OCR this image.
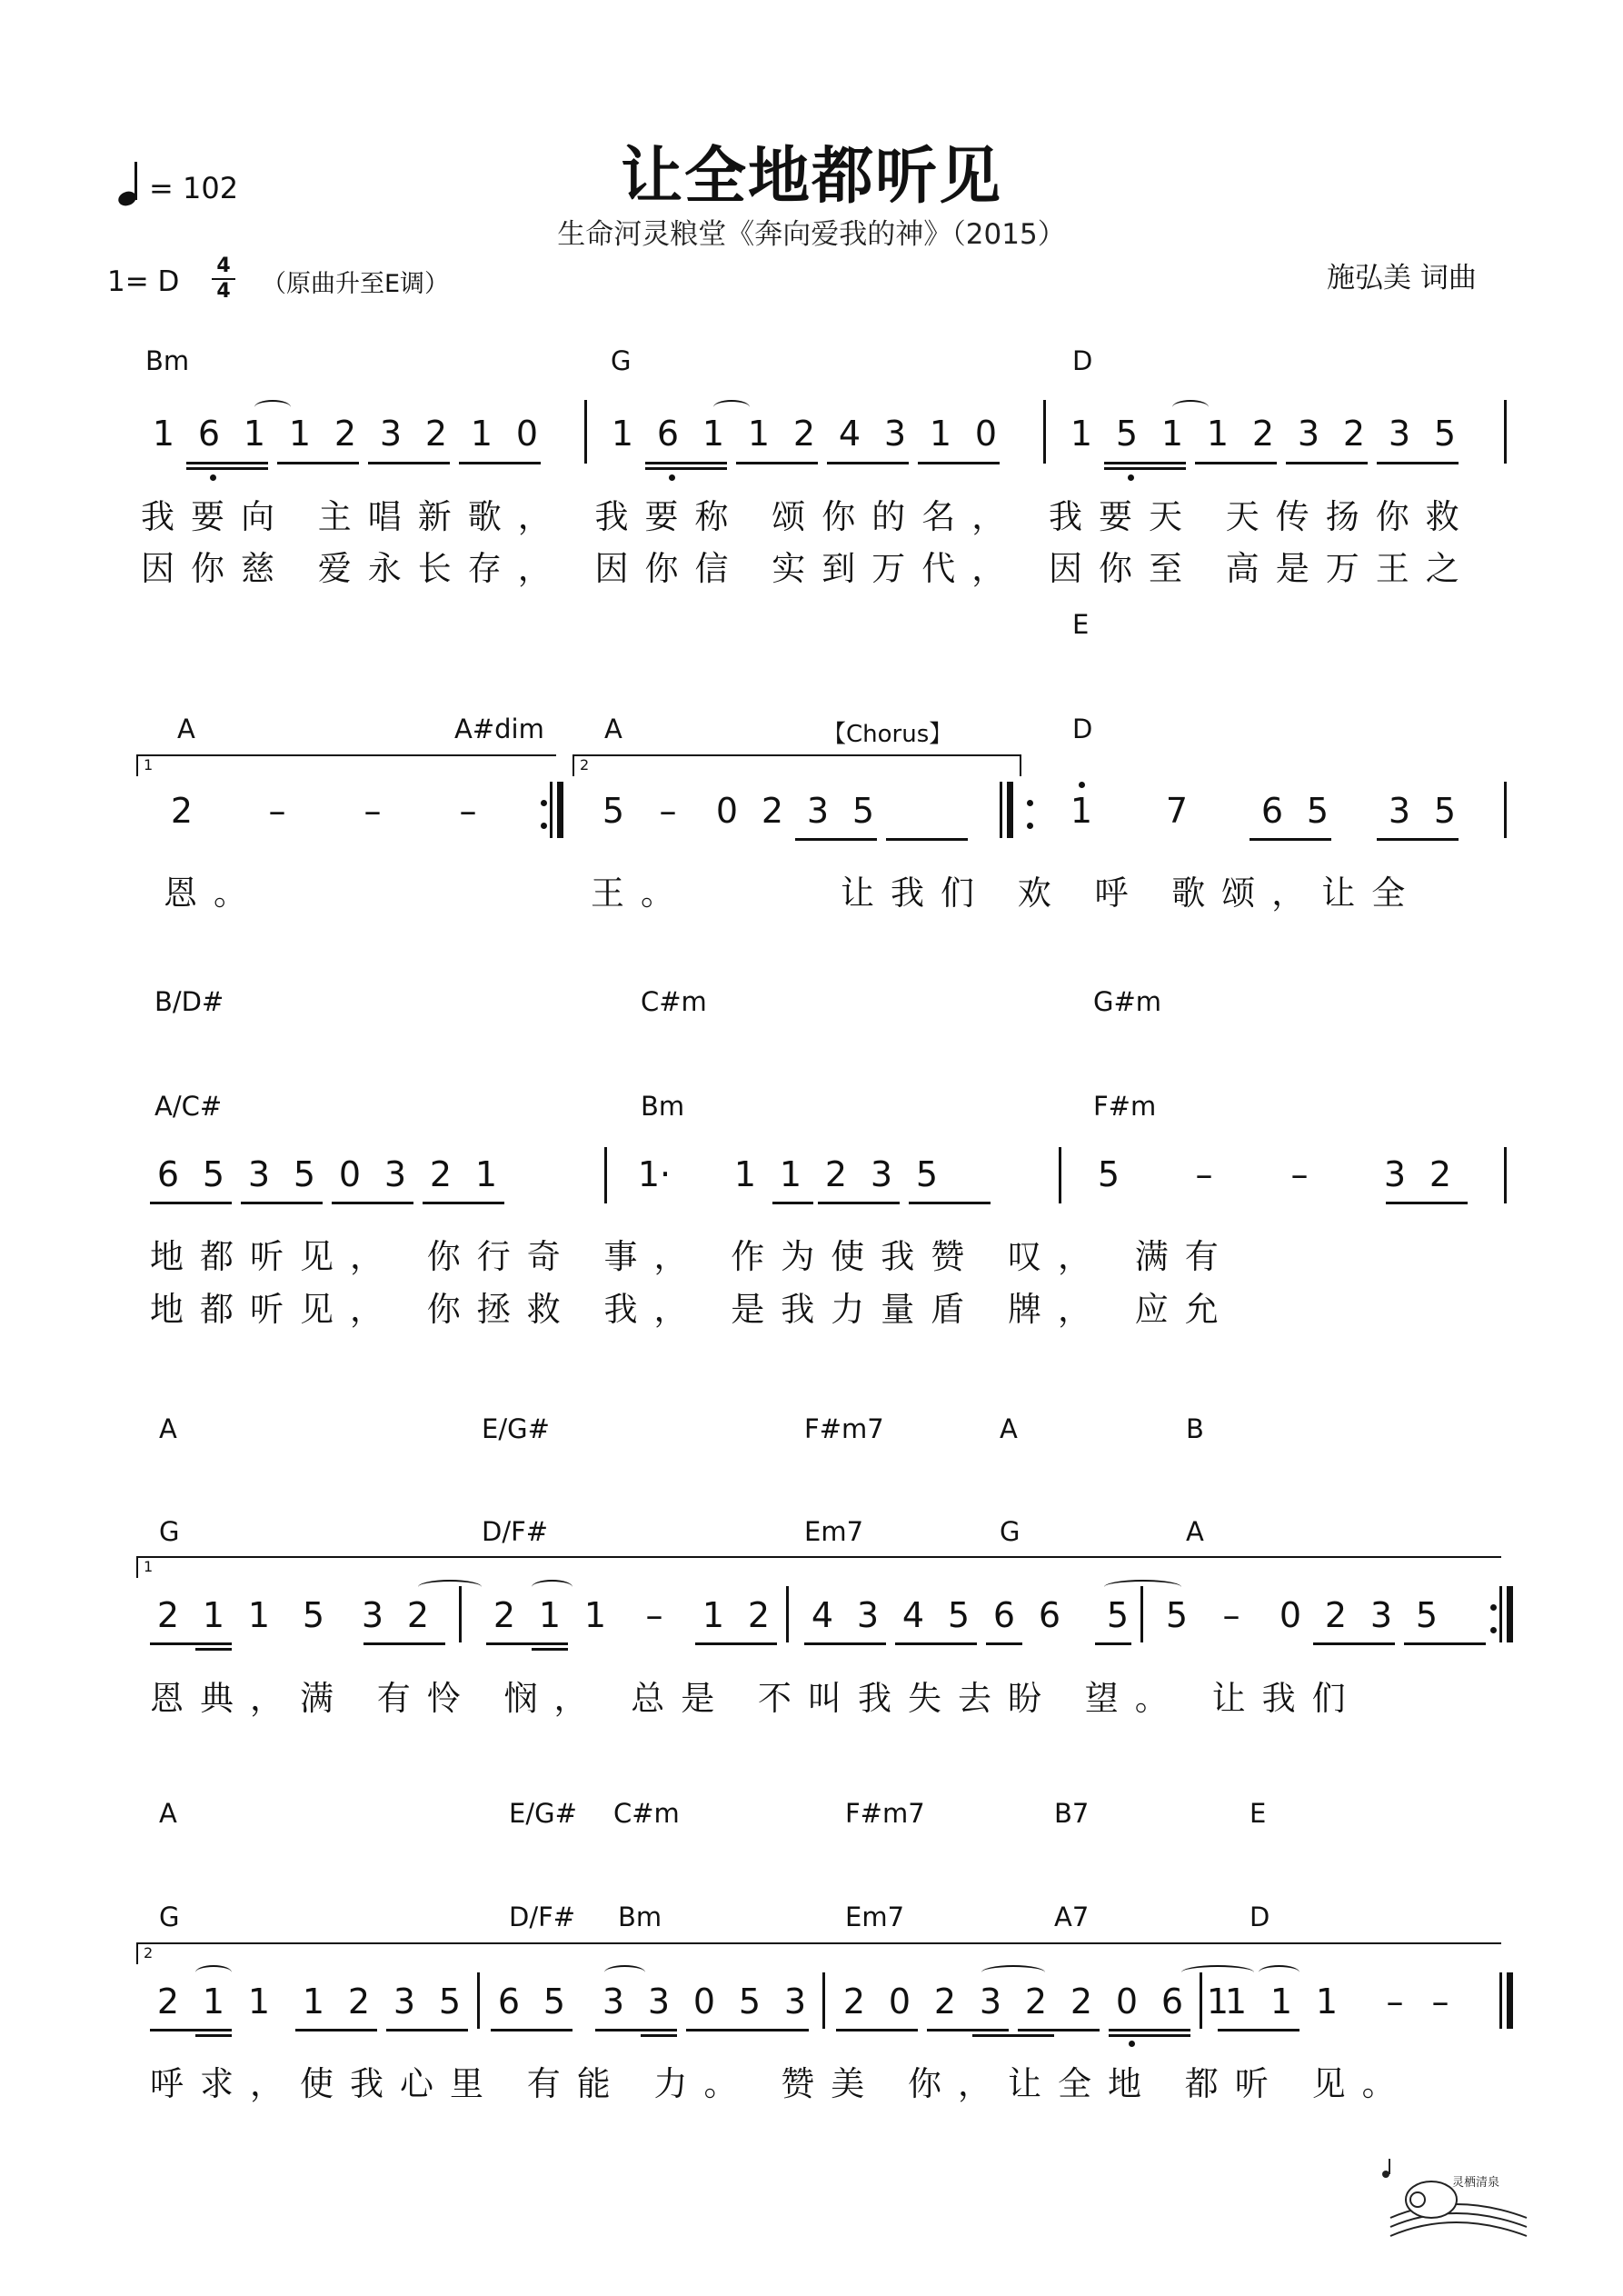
让全地都听见
生命河灵粮堂《奔向爱我的神》（2015）
= 102
1= D 4
4 （原曲升至E调）	施弘美 词曲
Bm	G	D
1 6 1 1 2 3 2 1 0	1 6 1 1 2 4 3 1 0	1 5 1 1 2 3 2 3 5
我要向 主唱新歌， 我要称 颂你的名， 我要天 天传扬你救
因你慈 爱永长存， 因你信 实到万代， 因你至 高是万王之
E
A	A#dim A	【Chorus】	D
1	2
2 – – –	5 – 0 2 3 5	1 7 6 5 3 5
恩。	王。	让我们 欢 呼 歌颂，让全
B/D#	C#m	G#m
A/C#	Bm	F#m
6 5 3 5 0 3 2 1	1· 1 1 2 3 5	5 – – 3 2
地都听见， 你行奇 事， 作为使我赞 叹， 满有
地都听见， 你拯救 我， 是我力量盾 牌， 应允
A	E/G#	F#m7	A	B
G	D/F#	Em7	G	A
1
2 1 1 5 3 2	2 1 1 – 1 2	4 3 4 5 6 6 5	5 – 0 2 3 5
恩典，满 有怜 悯， 总是 不叫我失去盼 望。 让我们
A	E/G# C#m	F#m7	B7	E
G	D/F# Bm	Em7	A7	D
2
2 1 1 1 2 3 5	6 5 3 3 0 5 3	2 0 2 3 2 2 0 6 1
1 1 1 – –
呼求，使我心里 有能 力。 赞美 你，让全地 都听 见。
灵栖清泉
